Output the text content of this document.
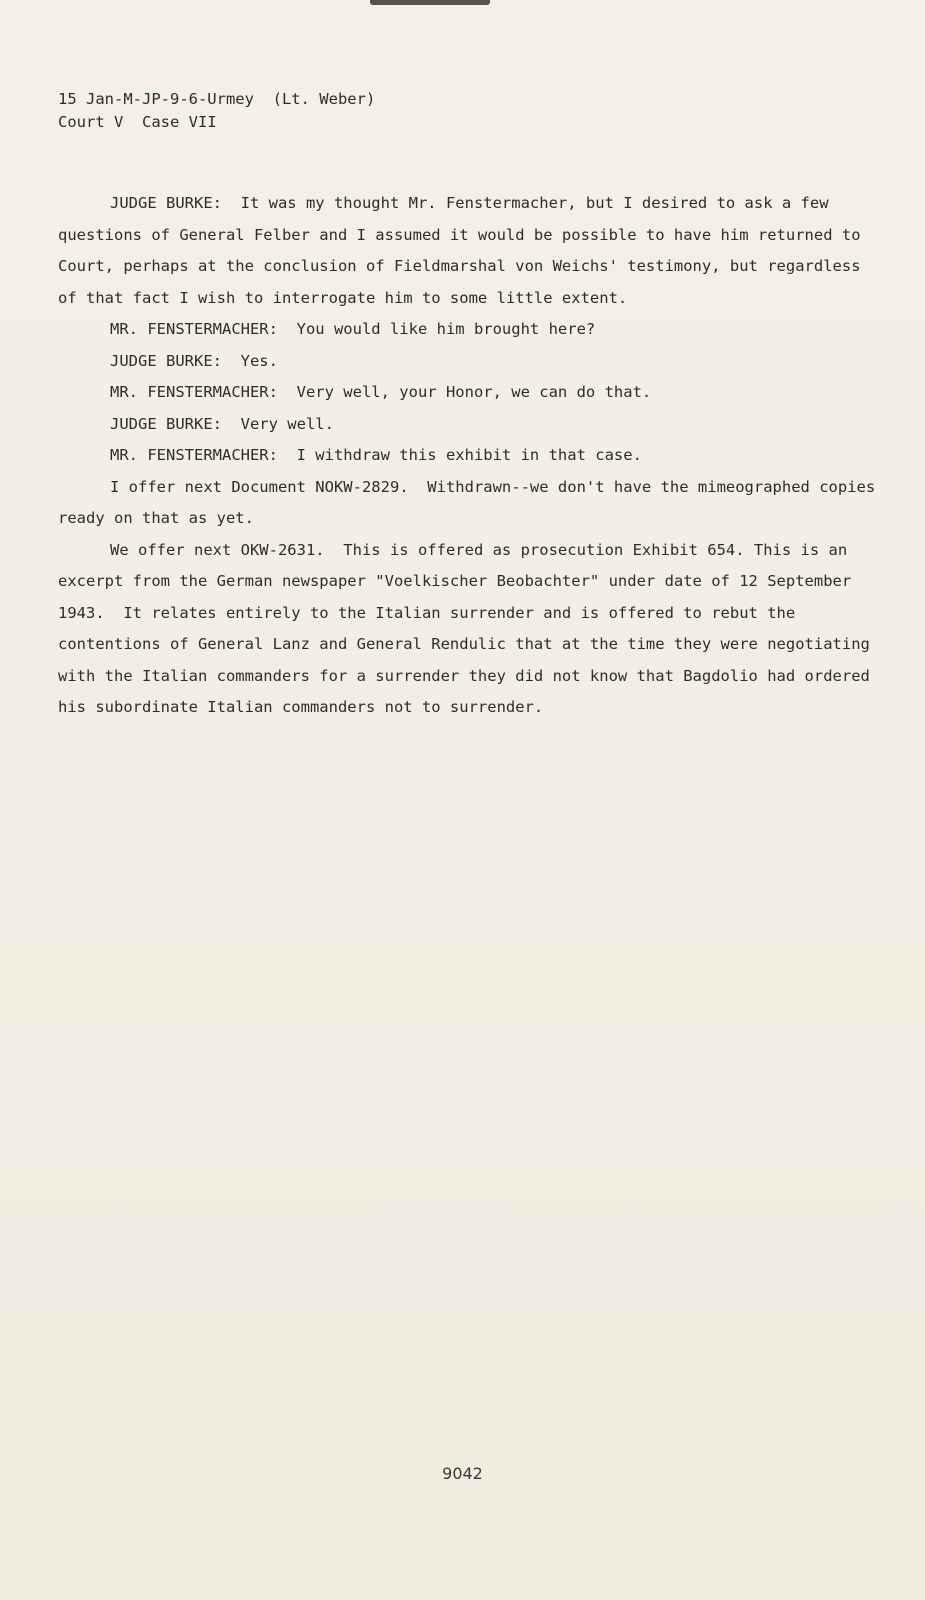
15 Jan-M-JP-9-6-Urmey  (Lt. Weber)
Court V  Case VII

JUDGE BURKE:  It was my thought Mr. Fenstermacher, but I desired to ask a few questions of General Felber and I assumed it would be possible to have him returned to Court, perhaps at the conclusion of Fieldmarshal von Weichs' testimony, but regardless of that fact I wish to interrogate him to some little extent.

MR. FENSTERMACHER:  You would like him brought here?

JUDGE BURKE:  Yes.

MR. FENSTERMACHER:  Very well, your Honor, we can do that.

JUDGE BURKE:  Very well.

MR. FENSTERMACHER:  I withdraw this exhibit in that case.

I offer next Document NOKW-2829.  Withdrawn--we don't have the mimeographed copies ready on that as yet.

We offer next OKW-2631.  This is offered as prosecution Exhibit 654. This is an excerpt from the German newspaper "Voelkischer Beobachter" under date of 12 September 1943.  It relates entirely to the Italian surrender and is offered to rebut the contentions of General Lanz and General Rendulic that at the time they were negotiating with the Italian commanders for a surrender they did not know that Bagdolio had ordered his subordinate Italian commanders not to surrender.

9042
